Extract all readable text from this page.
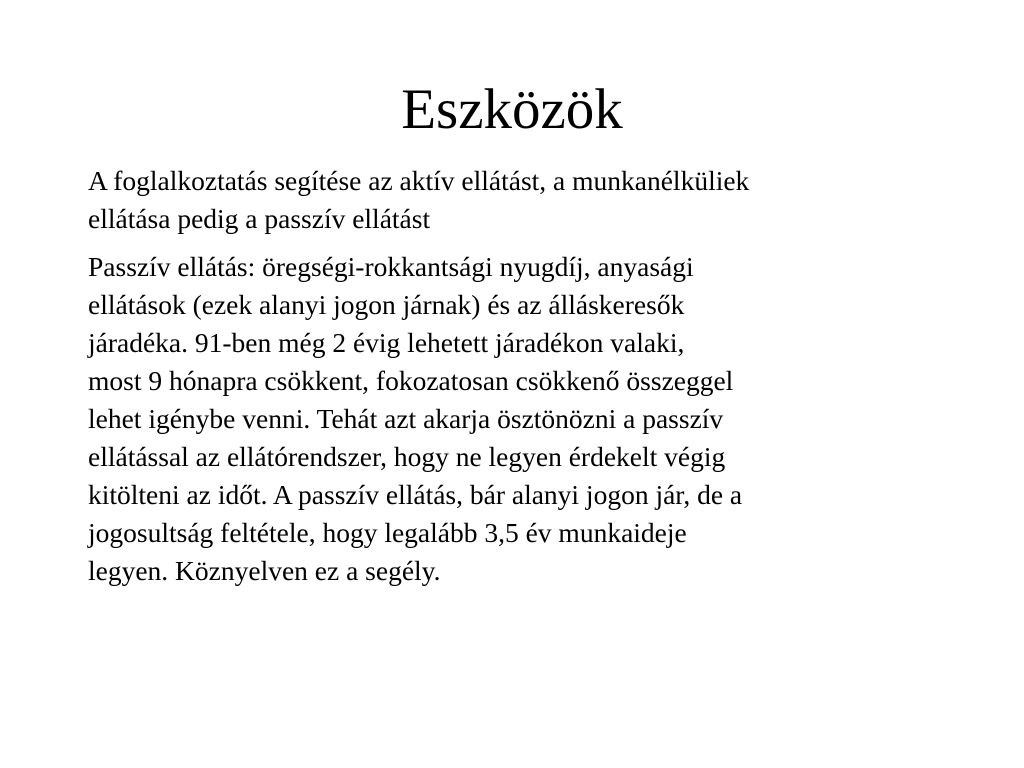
Eszközök

A foglalkoztatás segítése az aktív ellátást, a munkanélküliek
ellátása pedig a passzív ellátást

Passzív ellátás: öregségi-rokkantsági nyugdíj, anyasági
ellátások (ezek alanyi jogon járnak) és az álláskeresők
járadéka. 91-ben még 2 évig lehetett járadékon valaki,
most 9 hónapra csökkent, fokozatosan csökkenő összeggel
lehet igénybe venni. Tehát azt akarja ösztönözni a passzív
ellátással az ellátórendszer, hogy ne legyen érdekelt végig
kitölteni az időt. A passzív ellátás, bár alanyi jogon jár, de a
jogosultság feltétele, hogy legalább 3,5 év munkaideje
legyen. Köznyelven ez a segély.
